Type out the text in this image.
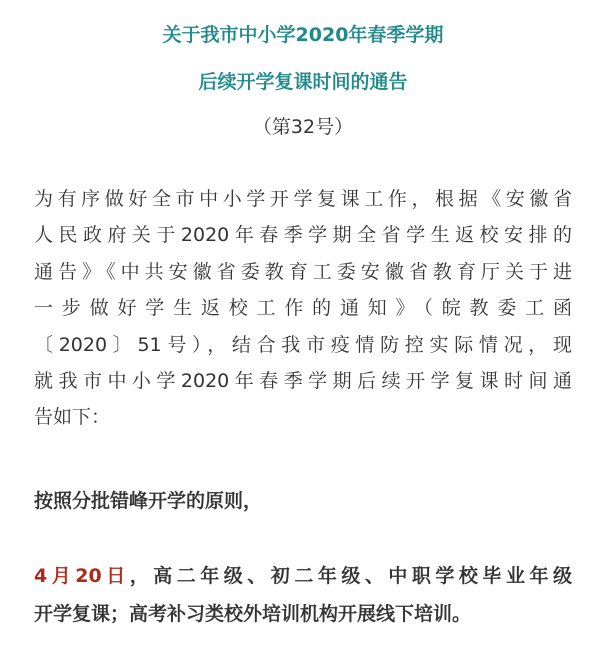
关于我市中小学2020年春季学期
后续开学复课时间的通告
（第32号）
为有序做好全市中小学开学复课工作，根据《安徽省
人民政府关于2020年春季学期全省学生返校安排的
通告》《中共安徽省委教育工委安徽省教育厅关于进
一步做好学生返校工作的通知》（皖教委工函
〔2020〕51号），结合我市疫情防控实际情况，现
就我市中小学2020年春季学期后续开学复课时间通
告如下：
按照分批错峰开学的原则，
4月20日，高二年级、初二年级、中职学校毕业年级
开学复课；高考补习类校外培训机构开展线下培训。
